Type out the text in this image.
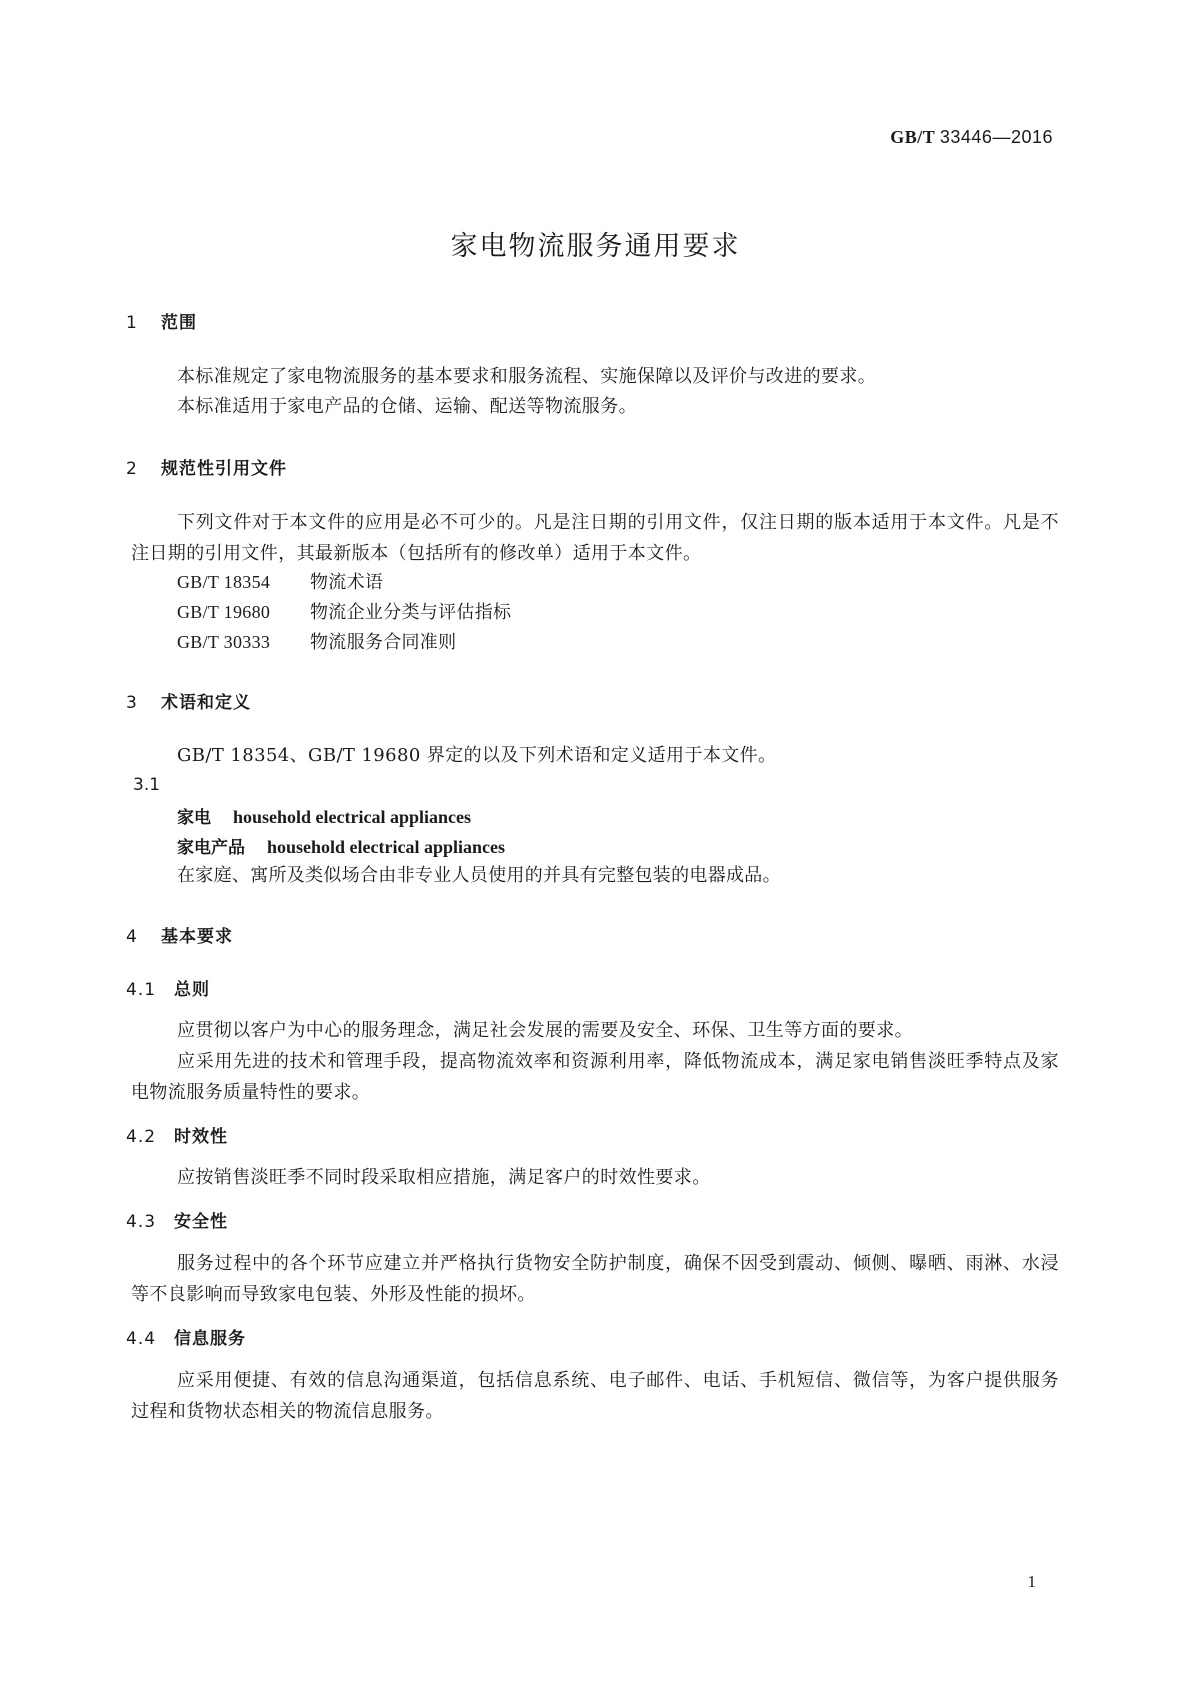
GB/T 33446—2016
家电物流服务通用要求
1 范围
本标准规定了家电物流服务的基本要求和服务流程、实施保障以及评价与改进的要求。
本标准适用于家电产品的仓储、运输、配送等物流服务。
2 规范性引用文件
下列文件对于本文件的应用是必不可少的。凡是注日期的引用文件，仅注日期的版本适用于本文件。凡是不注日期的引用文件，其最新版本（包括所有的修改单）适用于本文件。
GB/T 18354 物流术语
GB/T 19680 物流企业分类与评估指标
GB/T 30333 物流服务合同准则
3 术语和定义
GB/T 18354、GB/T 19680 界定的以及下列术语和定义适用于本文件。
3.1
家电 household electrical appliances
家电产品 household electrical appliances
在家庭、寓所及类似场合由非专业人员使用的并具有完整包装的电器成品。
4 基本要求
4.1 总则
应贯彻以客户为中心的服务理念，满足社会发展的需要及安全、环保、卫生等方面的要求。
应采用先进的技术和管理手段，提高物流效率和资源利用率，降低物流成本，满足家电销售淡旺季特点及家电物流服务质量特性的要求。
4.2 时效性
应按销售淡旺季不同时段采取相应措施，满足客户的时效性要求。
4.3 安全性
服务过程中的各个环节应建立并严格执行货物安全防护制度，确保不因受到震动、倾侧、曝晒、雨淋、水浸等不良影响而导致家电包装、外形及性能的损坏。
4.4 信息服务
应采用便捷、有效的信息沟通渠道，包括信息系统、电子邮件、电话、手机短信、微信等，为客户提供服务过程和货物状态相关的物流信息服务。
1
